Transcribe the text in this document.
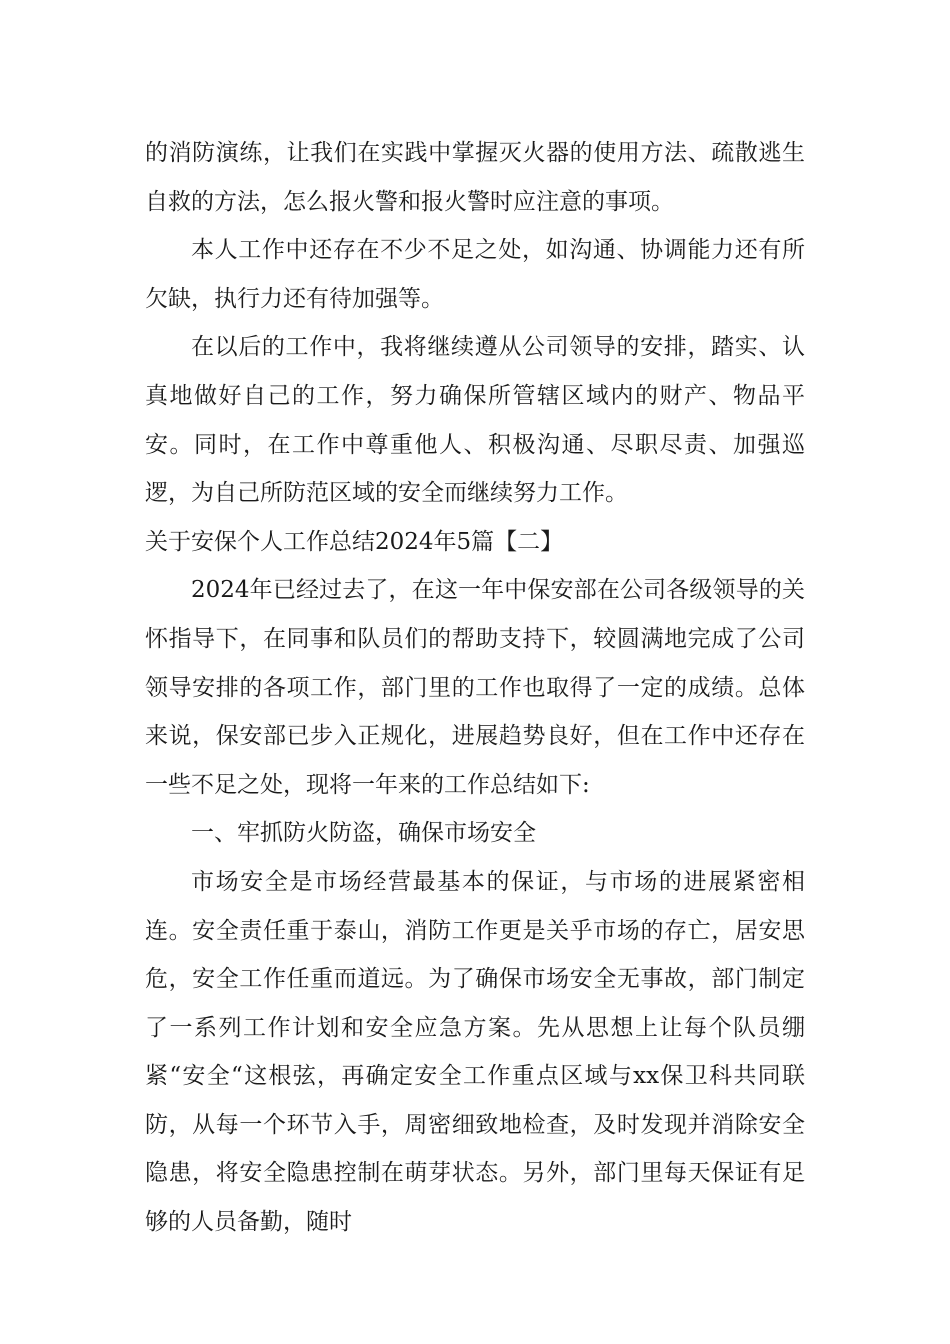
的消防演练，让我们在实践中掌握灭火器的使用方法、疏散逃生自救的方法，怎么报火警和报火警时应注意的事项。

本人工作中还存在不少不足之处，如沟通、协调能力还有所欠缺，执行力还有待加强等。

在以后的工作中，我将继续遵从公司领导的安排，踏实、认真地做好自己的工作，努力确保所管辖区域内的财产、物品平安。同时，在工作中尊重他人、积极沟通、尽职尽责、加强巡逻，为自己所防范区域的安全而继续努力工作。

关于安保个人工作总结2024年5篇【二】

2024年已经过去了，在这一年中保安部在公司各级领导的关怀指导下，在同事和队员们的帮助支持下，较圆满地完成了公司领导安排的各项工作，部门里的工作也取得了一定的成绩。总体来说，保安部已步入正规化，进展趋势良好，但在工作中还存在一些不足之处，现将一年来的工作总结如下:

一、牢抓防火防盗，确保市场安全

市场安全是市场经营最基本的保证，与市场的进展紧密相连。安全责任重于泰山，消防工作更是关乎市场的存亡，居安思危，安全工作任重而道远。为了确保市场安全无事故，部门制定了一系列工作计划和安全应急方案。先从思想上让每个队员绷紧“安全“这根弦，再确定安全工作重点区域与xx保卫科共同联防，从每一个环节入手，周密细致地检查，及时发现并消除安全隐患，将安全隐患控制在萌芽状态。另外，部门里每天保证有足够的人员备勤，随时
